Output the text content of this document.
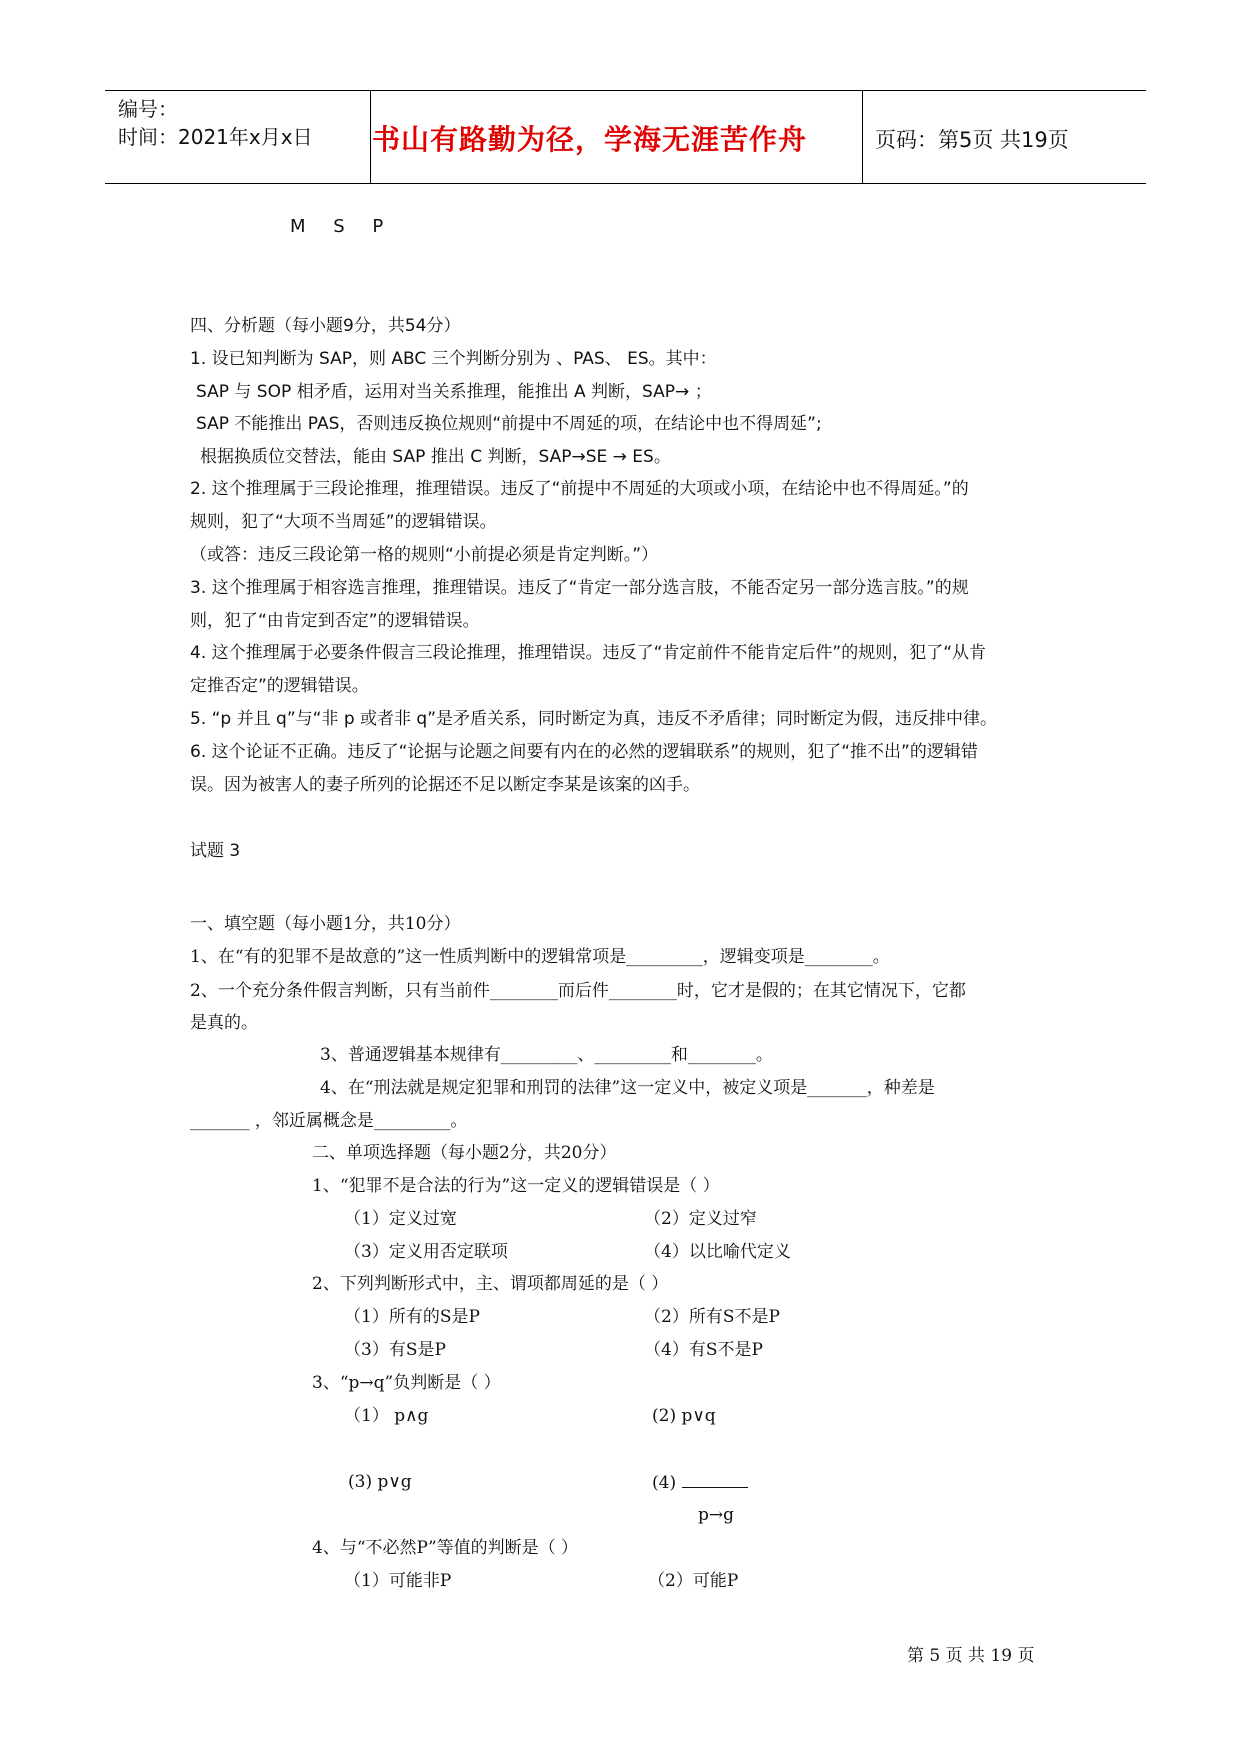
编号：
时间：2021年x月x日 书山有路勤为径，学海无涯苦作舟	页码：第5页 共19页
M S P
四、分析题（每小题9分，共54分）
1. 设已知判断为 SAP，则 ABC 三个判断分别为 、PAS、 ES。其中：
SAP 与 SOP 相矛盾，运用对当关系推理，能推出 A 判断，SAP→ ；
SAP 不能推出 PAS，否则违反换位规则“前提中不周延的项，在结论中也不得周延”;
根据换质位交替法，能由 SAP 推出 C 判断，SAP→SE → ES。
2. 这个推理属于三段论推理，推理错误。违反了“前提中不周延的大项或小项，在结论中也不得周延。”的
规则，犯了“大项不当周延”的逻辑错误。
（或答：违反三段论第一格的规则“小前提必须是肯定判断。”）
3. 这个推理属于相容选言推理，推理错误。违反了“肯定一部分选言肢，不能否定另一部分选言肢。”的规
则，犯了“由肯定到否定”的逻辑错误。
4. 这个推理属于必要条件假言三段论推理，推理错误。违反了“肯定前件不能肯定后件”的规则，犯了“从肯
定推否定”的逻辑错误。
5. “p 并且 q”与“非 p 或者非 q”是矛盾关系，同时断定为真，违反不矛盾律；同时断定为假，违反排中律。
6. 这个论证不正确。违反了“论据与论题之间要有内在的必然的逻辑联系”的规则，犯了“推不出”的逻辑错
误。因为被害人的妻子所列的论据还不足以断定李某是该案的凶手。
试题 3
一、填空题（每小题1分，共10分）
1、在“有的犯罪不是故意的”这一性质判断中的逻辑常项是_________，逻辑变项是________。
2、一个充分条件假言判断，只有当前件________而后件________时，它才是假的；在其它情况下，它都
是真的。
3、普通逻辑基本规律有_________、_________和________。
4、在“刑法就是规定犯罪和刑罚的法律”这一定义中，被定义项是_______，种差是
_______ ，邻近属概念是_________。
二、单项选择题（每小题2分，共20分）
1、“犯罪不是合法的行为”这一定义的逻辑错误是（ ）
（1）定义过宽	（2）定义过窄
（3）定义用否定联项	（4）以比喻代定义
2、下列判断形式中，主、谓项都周延的是（ ）
（1）所有的S是P	（2）所有S不是P
（3）有S是P	（4）有S不是P
3、“p→q”负判断是（ ）
（1） p∧g	(2) p∨q
(3) p∨g	(4)
p→g
4、与“不必然P”等值的判断是（ ）
（1）可能非P	（2）可能P
第 5 页 共 19 页
